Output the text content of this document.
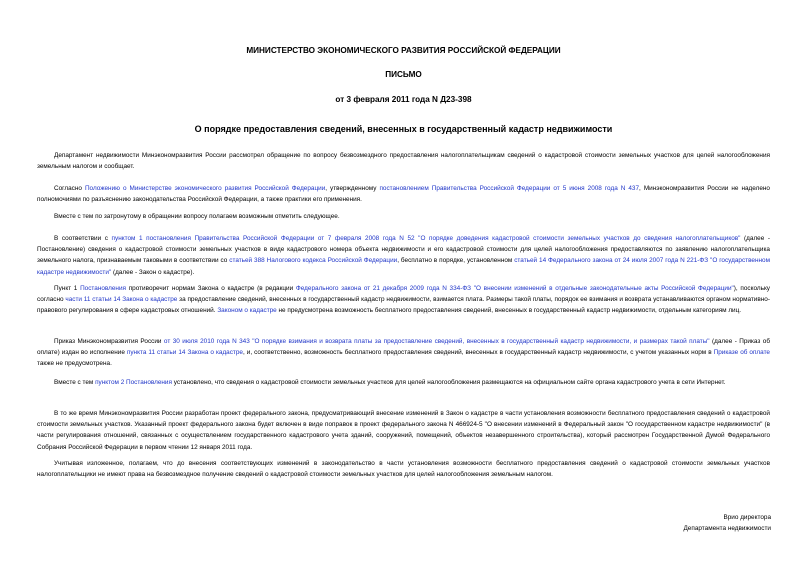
МИНИСТЕРСТВО ЭКОНОМИЧЕСКОГО РАЗВИТИЯ РОССИЙСКОЙ ФЕДЕРАЦИИ
ПИСЬМО
от 3 февраля 2011 года N Д23-398
О порядке предоставления сведений, внесенных в государственный кадастр недвижимости

Департамент недвижимости Минэкономразвития России рассмотрел обращение по вопросу безвозмездного предоставления налогоплательщикам сведений о кадастровой стоимости земельных участков для целей налогообложения земельным налогом и сообщает.

Согласно Положению о Министерстве экономического развития Российской Федерации, утвержденному постановлением Правительства Российской Федерации от 5 июня 2008 года N 437, Минэкономразвития России не наделено полномочиями по разъяснению законодательства Российской Федерации, а также практики его применения.

Вместе с тем по затронутому в обращении вопросу полагаем возможным отметить следующее.

В соответствии с пунктом 1 постановления Правительства Российской Федерации от 7 февраля 2008 года N 52 "О порядке доведения кадастровой стоимости земельных участков до сведения налогоплательщиков" (далее - Постановление) сведения о кадастровой стоимости земельных участков в виде кадастрового номера объекта недвижимости и его кадастровой стоимости для целей налогообложения предоставляются по заявлению налогоплательщика земельного налога, признаваемым таковыми в соответствии со статьей 388 Налогового кодекса Российской Федерации, бесплатно в порядке, установленном статьей 14 Федерального закона от 24 июля 2007 года N 221-ФЗ "О государственном кадастре недвижимости" (далее - Закон о кадастре).

Пункт 1 Постановления противоречит нормам Закона о кадастре (в редакции Федерального закона от 21 декабря 2009 года N 334-ФЗ "О внесении изменений в отдельные законодательные акты Российской Федерации"), поскольку согласно части 11 статьи 14 Закона о кадастре за предоставление сведений, внесенных в государственный кадастр недвижимости, взимается плата. Размеры такой платы, порядок ее взимания и возврата устанавливаются органом нормативно-правового регулирования в сфере кадастровых отношений. Законом о кадастре не предусмотрена возможность бесплатного предоставления сведений, внесенных в государственный кадастр недвижимости, отдельным категориям лиц.

Приказ Минэкономразвития России от 30 июля 2010 года N 343 "О порядке взимания и возврата платы за предоставление сведений, внесенных в государственный кадастр недвижимости, и размерах такой платы" (далее - Приказ об оплате) издан во исполнение пункта 11 статьи 14 Закона о кадастре, и, соответственно, возможность бесплатного предоставления сведений, внесенных в государственный кадастр недвижимости, с учетом указанных норм в Приказе об оплате также не предусмотрена.

Вместе с тем пунктом 2 Постановления установлено, что сведения о кадастровой стоимости земельных участков для целей налогообложения размещаются на официальном сайте органа кадастрового учета в сети Интернет.

В то же время Минэкономразвития России разработан проект федерального закона, предусматривающий внесение изменений в Закон о кадастре в части установления возможности бесплатного предоставления сведений о кадастровой стоимости земельных участков. Указанный проект федерального закона будет включен в виде поправок в проект федерального закона N 466924-5 "О внесении изменений в Федеральный закон "О государственном кадастре недвижимости" (в части регулирования отношений, связанных с осуществлением государственного кадастрового учета зданий, сооружений, помещений, объектов незавершенного строительства), который рассмотрен Государственной Думой Федерального Собрания Российской Федерации в первом чтении 12 января 2011 года.

Учитывая изложенное, полагаем, что до внесения соответствующих изменений в законодательство в части установления возможности бесплатного предоставления сведений о кадастровой стоимости земельных участков налогоплательщики не имеют права на безвозмездное получение сведений о кадастровой стоимости земельных участков для целей налогообложения земельным налогом.

Врио директора
Департамента недвижимости
